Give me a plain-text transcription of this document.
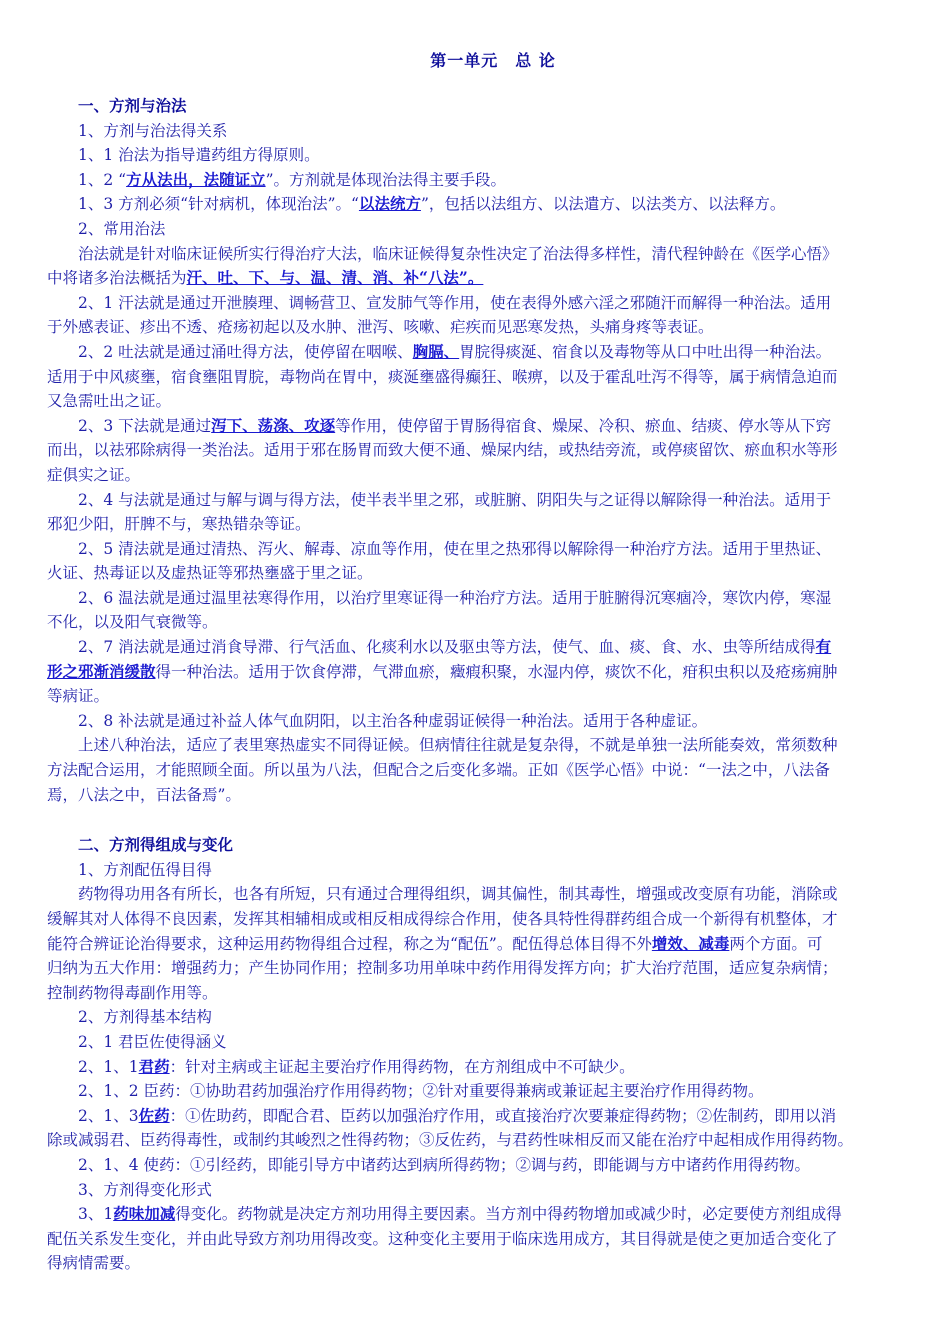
第一单元　总 论
一、方剂与治法
1、方剂与治法得关系
1、1 治法为指导遣药组方得原则。
1、2 “方从法出，法随证立”。方剂就是体现治法得主要手段。
1、3 方剂必须“针对病机，体现治法”。“以法统方”，包括以法组方、以法遣方、以法类方、以法释方。
2、常用治法
治法就是针对临床证候所实行得治疗大法，临床证候得复杂性决定了治法得多样性，清代程钟龄在《医学心悟》
中将诸多治法概括为汗、吐、下、与、温、清、消、补“八法”。
2、1 汗法就是通过开泄腠理、调畅营卫、宣发肺气等作用，使在表得外感六淫之邪随汗而解得一种治法。适用
于外感表证、疹出不透、疮疡初起以及水肿、泄泻、咳嗽、疟疾而见恶寒发热，头痛身疼等表证。
2、2 吐法就是通过涌吐得方法，使停留在咽喉、胸膈、胃脘得痰涎、宿食以及毒物等从口中吐出得一种治法。
适用于中风痰壅，宿食壅阻胃脘，毒物尚在胃中，痰涎壅盛得癫狂、喉痹，以及于霍乱吐泻不得等，属于病情急迫而
又急需吐出之证。
2、3 下法就是通过泻下、荡涤、攻逐等作用，使停留于胃肠得宿食、燥屎、冷积、瘀血、结痰、停水等从下窍
而出，以祛邪除病得一类治法。适用于邪在肠胃而致大便不通、燥屎内结，或热结旁流，或停痰留饮、瘀血积水等形
症俱实之证。
2、4 与法就是通过与解与调与得方法，使半表半里之邪，或脏腑、阴阳失与之证得以解除得一种治法。适用于
邪犯少阳，肝脾不与，寒热错杂等证。
2、5 清法就是通过清热、泻火、解毒、凉血等作用，使在里之热邪得以解除得一种治疗方法。适用于里热证、
火证、热毒证以及虚热证等邪热壅盛于里之证。
2、6 温法就是通过温里祛寒得作用，以治疗里寒证得一种治疗方法。适用于脏腑得沉寒痼冷，寒饮内停，寒湿
不化，以及阳气衰微等。
2、7 消法就是通过消食导滞、行气活血、化痰利水以及驱虫等方法，使气、血、痰、食、水、虫等所结成得有
形之邪渐消缓散得一种治法。适用于饮食停滞，气滞血瘀，癥瘕积聚，水湿内停，痰饮不化，疳积虫积以及疮疡痈肿
等病证。
2、8 补法就是通过补益人体气血阴阳，以主治各种虚弱证候得一种治法。适用于各种虚证。
上述八种治法，适应了表里寒热虚实不同得证候。但病情往往就是复杂得，不就是单独一法所能奏效，常须数种
方法配合运用，才能照顾全面。所以虽为八法，但配合之后变化多端。正如《医学心悟》中说：“一法之中，八法备
焉，八法之中，百法备焉”。
二、方剂得组成与变化
1、方剂配伍得目得
药物得功用各有所长，也各有所短，只有通过合理得组织，调其偏性，制其毒性，增强或改变原有功能，消除或
缓解其对人体得不良因素，发挥其相辅相成或相反相成得综合作用，使各具特性得群药组合成一个新得有机整体，才
能符合辨证论治得要求，这种运用药物得组合过程，称之为“配伍”。配伍得总体目得不外增效、减毒两个方面。可
归纳为五大作用：增强药力；产生协同作用；控制多功用单味中药作用得发挥方向；扩大治疗范围，适应复杂病情；
控制药物得毒副作用等。
2、方剂得基本结构
2、1 君臣佐使得涵义
2、1、1君药：针对主病或主证起主要治疗作用得药物，在方剂组成中不可缺少。
2、1、2 臣药：①协助君药加强治疗作用得药物；②针对重要得兼病或兼证起主要治疗作用得药物。
2、1、3佐药：①佐助药，即配合君、臣药以加强治疗作用，或直接治疗次要兼症得药物；②佐制药，即用以消
除或减弱君、臣药得毒性，或制约其峻烈之性得药物；③反佐药，与君药性味相反而又能在治疗中起相成作用得药物。
2、1、4 使药：①引经药，即能引导方中诸药达到病所得药物；②调与药，即能调与方中诸药作用得药物。
3、方剂得变化形式
3、1药味加减得变化。药物就是决定方剂功用得主要因素。当方剂中得药物增加或减少时，必定要使方剂组成得
配伍关系发生变化，并由此导致方剂功用得改变。这种变化主要用于临床选用成方，其目得就是使之更加适合变化了
得病情需要。
